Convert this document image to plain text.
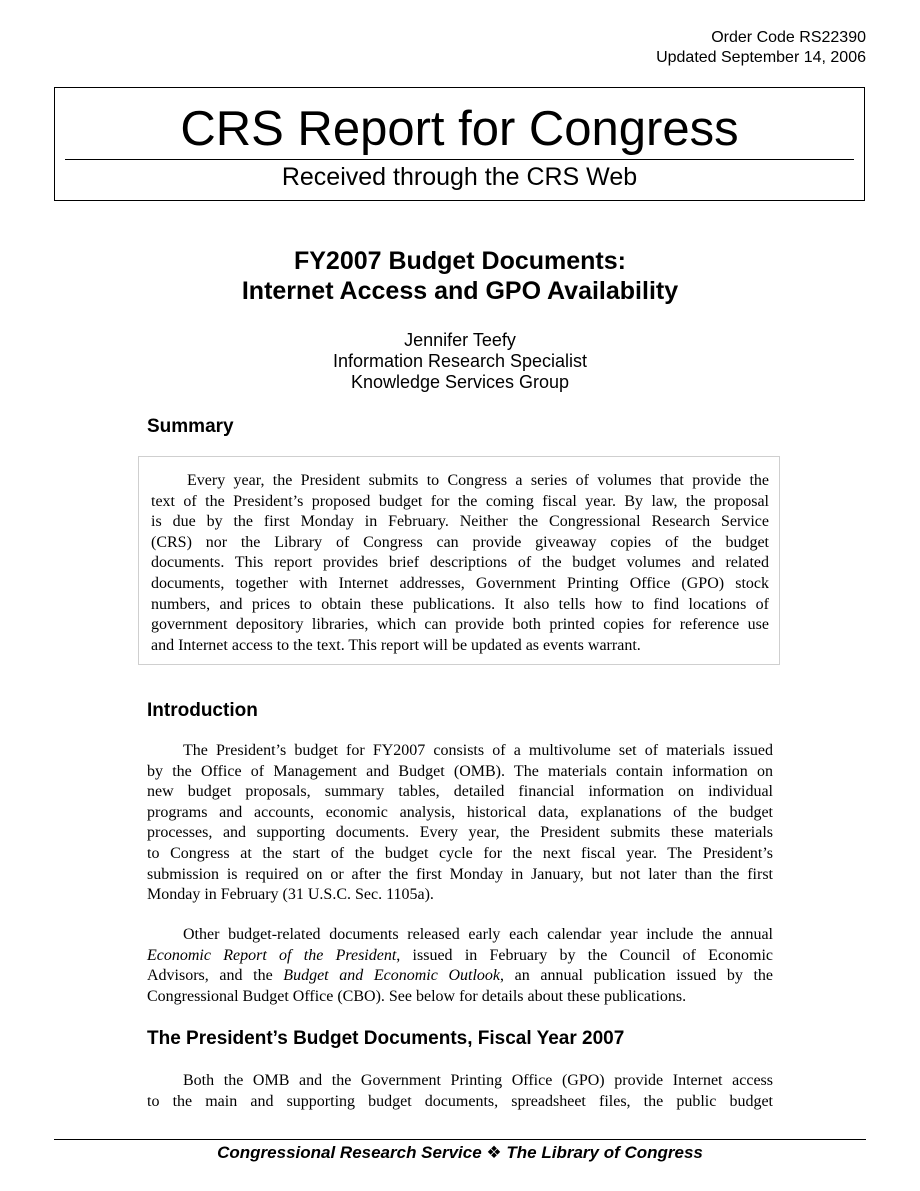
Order Code RS22390
Updated September 14, 2006
CRS Report for Congress
Received through the CRS Web
FY2007 Budget Documents:
Internet Access and GPO Availability
Jennifer Teefy
Information Research Specialist
Knowledge Services Group
Summary
Every year, the President submits to Congress a series of volumes that provide the
text of the President’s proposed budget for the coming fiscal year. By law, the proposal
is due by the first Monday in February. Neither the Congressional Research Service
(CRS) nor the Library of Congress can provide giveaway copies of the budget
documents. This report provides brief descriptions of the budget volumes and related
documents, together with Internet addresses, Government Printing Office (GPO) stock
numbers, and prices to obtain these publications. It also tells how to find locations of
government depository libraries, which can provide both printed copies for reference use
and Internet access to the text. This report will be updated as events warrant.
Introduction
The President’s budget for FY2007 consists of a multivolume set of materials issued
by the Office of Management and Budget (OMB). The materials contain information on
new budget proposals, summary tables, detailed financial information on individual
programs and accounts, economic analysis, historical data, explanations of the budget
processes, and supporting documents. Every year, the President submits these materials
to Congress at the start of the budget cycle for the next fiscal year. The President’s
submission is required on or after the first Monday in January, but not later than the first
Monday in February (31 U.S.C. Sec. 1105a).
Other budget-related documents released early each calendar year include the annual
Economic Report of the President, issued in February by the Council of Economic
Advisors, and the Budget and Economic Outlook, an annual publication issued by the
Congressional Budget Office (CBO). See below for details about these publications.
The President’s Budget Documents, Fiscal Year 2007
Both the OMB and the Government Printing Office (GPO) provide Internet access
to the main and supporting budget documents, spreadsheet files, the public budget
Congressional Research Service ❖ The Library of Congress
